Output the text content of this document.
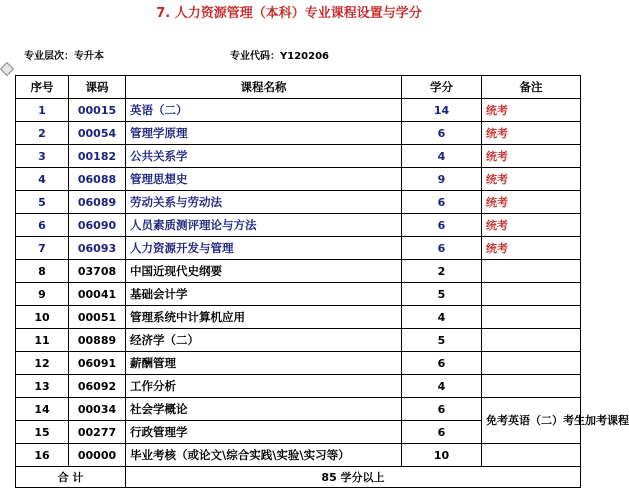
7. 人力资源管理（本科）专业课程设置与学分
专业层次：专升本	专业代码：Y120206
序号	课码	课程名称	学分	备注
1	00015	英语（二）	14	统考
2	00054	管理学原理	6	统考
3	00182	公共关系学	4	统考
4	06088	管理思想史	9	统考
5	06089	劳动关系与劳动法	6	统考
6	06090	人员素质测评理论与方法	6	统考
7	06093	人力资源开发与管理	6	统考
8	03708	中国近现代史纲要	2	
9	00041	基础会计学	5	
10	00051	管理系统中计算机应用	4	
11	00889	经济学（二）	5	
12	06091	薪酬管理	6	
13	06092	工作分析	4	
14	00034	社会学概论	6	免考英语（二）考生加考课程
15	00277	行政管理学	6	
16	00000	毕业考核（或论文\综合实践\实验\实习等）	10	
合 计		85 学分以上		
